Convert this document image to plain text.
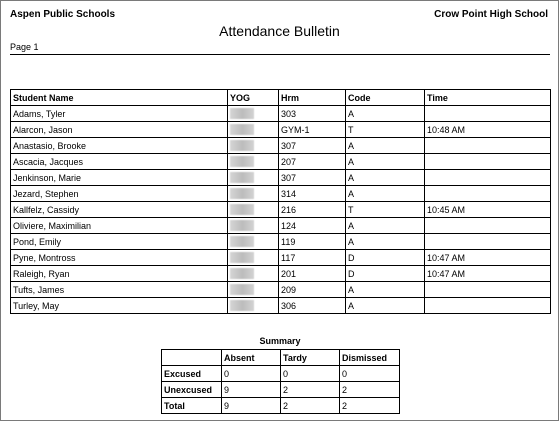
Aspen Public Schools	Crow Point High School
Attendance Bulletin
Page 1
Student Name	YOG	Hrm	Code	Time
Adams, Tyler		303	A	
Alarcon, Jason		GYM-1	T	10:48 AM
Anastasio, Brooke		307	A	
Ascacia, Jacques		207	A	
Jenkinson, Marie		307	A	
Jezard, Stephen		314	A	
Kallfelz, Cassidy		216	T	10:45 AM
Oliviere, Maximilian		124	A	
Pond, Emily		119	A	
Pyne, Montross		117	D	10:47 AM
Raleigh, Ryan		201	D	10:47 AM
Tufts, James		209	A	
Turley, May		306	A	
Summary
	Absent	Tardy	Dismissed
Excused	0	0	0
Unexcused	9	2	2
Total	9	2	2
